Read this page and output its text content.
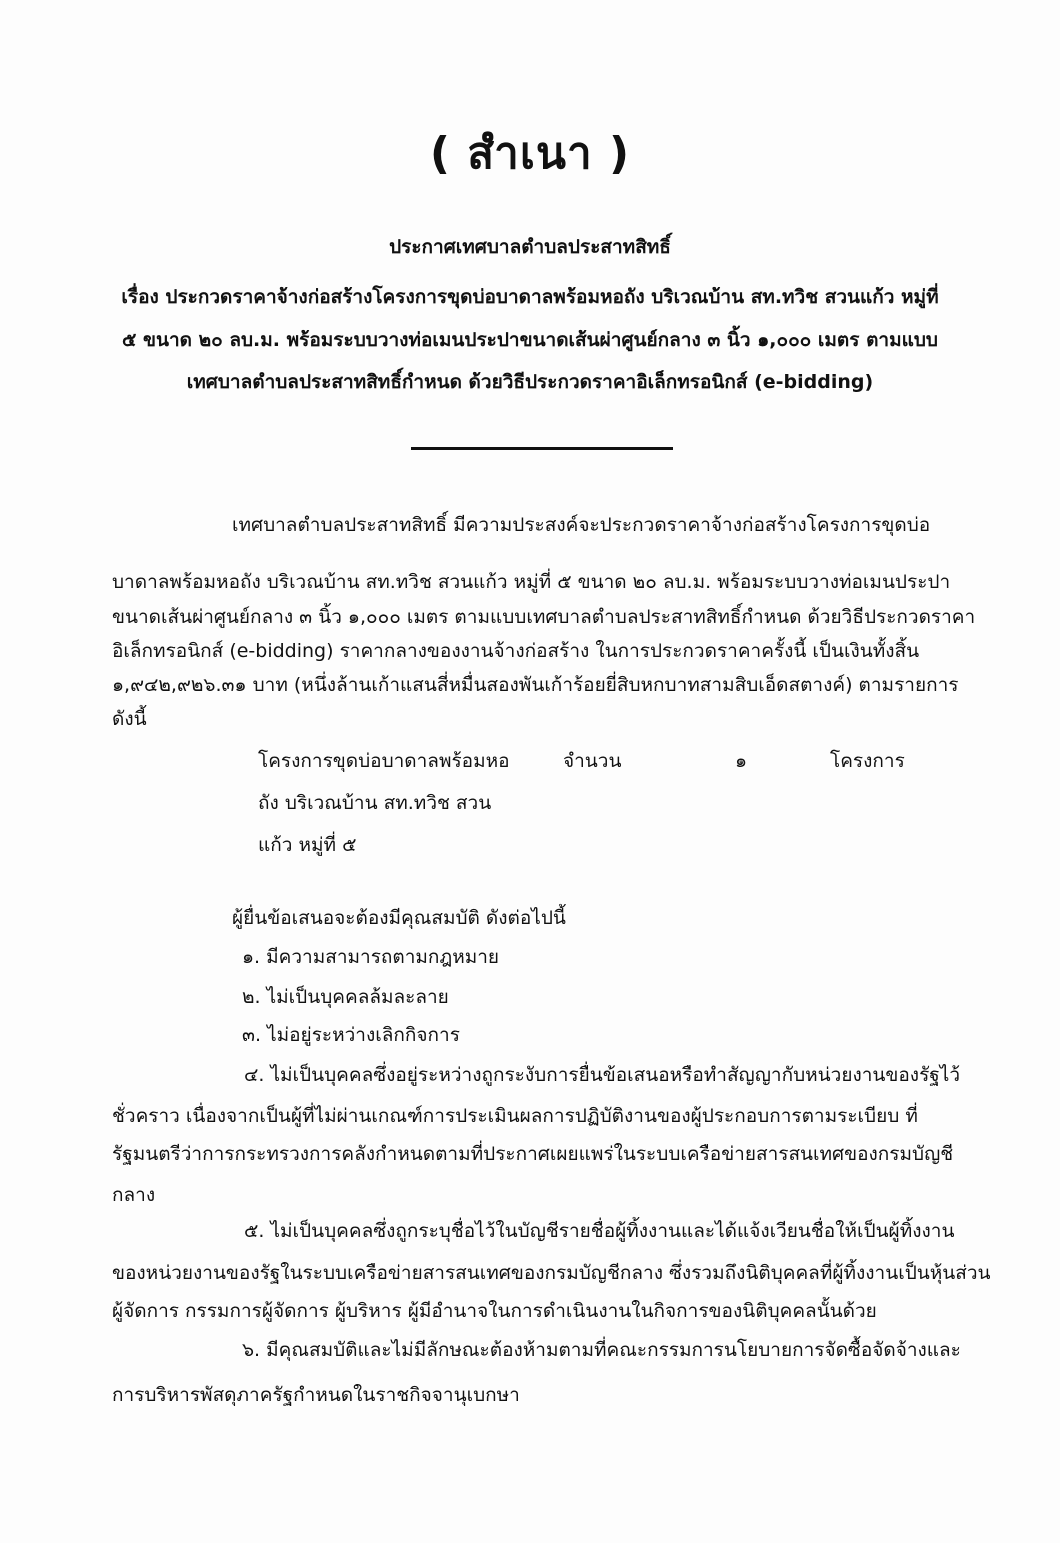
( สำเนา )
ประกาศเทศบาลตำบลประสาทสิทธิ์
เรื่อง ประกวดราคาจ้างก่อสร้างโครงการขุดบ่อบาดาลพร้อมหอถัง บริเวณบ้าน สท.ทวิช สวนแก้ว หมู่ที่
๕ ขนาด ๒๐ ลบ.ม. พร้อมระบบวางท่อเมนประปาขนาดเส้นผ่าศูนย์กลาง ๓ นิ้ว ๑,๐๐๐ เมตร ตามแบบ
เทศบาลตำบลประสาทสิทธิ์กำหนด ด้วยวิธีประกวดราคาอิเล็กทรอนิกส์ (e-bidding)
เทศบาลตำบลประสาทสิทธิ์ มีความประสงค์จะประกวดราคาจ้างก่อสร้างโครงการขุดบ่อ
บาดาลพร้อมหอถัง บริเวณบ้าน สท.ทวิช สวนแก้ว หมู่ที่ ๕ ขนาด ๒๐ ลบ.ม. พร้อมระบบวางท่อเมนประปา
ขนาดเส้นผ่าศูนย์กลาง ๓ นิ้ว ๑,๐๐๐ เมตร ตามแบบเทศบาลตำบลประสาทสิทธิ์กำหนด ด้วยวิธีประกวดราคา
อิเล็กทรอนิกส์ (e-bidding) ราคากลางของงานจ้างก่อสร้าง ในการประกวดราคาครั้งนี้ เป็นเงินทั้งสิ้น
๑,๙๔๒,๙๒๖.๓๑ บาท (หนึ่งล้านเก้าแสนสี่หมื่นสองพันเก้าร้อยยี่สิบหกบาทสามสิบเอ็ดสตางค์) ตามรายการ
ดังนี้
โครงการขุดบ่อบาดาลพร้อมหอ
ถัง บริเวณบ้าน สท.ทวิช สวน
แก้ว หมู่ที่ ๕
จำนวน	๑	โครงการ
ผู้ยื่นข้อเสนอจะต้องมีคุณสมบัติ ดังต่อไปนี้
๑. มีความสามารถตามกฎหมาย
๒. ไม่เป็นบุคคลล้มละลาย
๓. ไม่อยู่ระหว่างเลิกกิจการ
๔. ไม่เป็นบุคคลซึ่งอยู่ระหว่างถูกระงับการยื่นข้อเสนอหรือทำสัญญากับหน่วยงานของรัฐไว้
ชั่วคราว เนื่องจากเป็นผู้ที่ไม่ผ่านเกณฑ์การประเมินผลการปฏิบัติงานของผู้ประกอบการตามระเบียบ ที่
รัฐมนตรีว่าการกระทรวงการคลังกำหนดตามที่ประกาศเผยแพร่ในระบบเครือข่ายสารสนเทศของกรมบัญชี
กลาง
๕. ไม่เป็นบุคคลซึ่งถูกระบุชื่อไว้ในบัญชีรายชื่อผู้ทิ้งงานและได้แจ้งเวียนชื่อให้เป็นผู้ทิ้งงาน
ของหน่วยงานของรัฐในระบบเครือข่ายสารสนเทศของกรมบัญชีกลาง ซึ่งรวมถึงนิติบุคคลที่ผู้ทิ้งงานเป็นหุ้นส่วน
ผู้จัดการ กรรมการผู้จัดการ ผู้บริหาร ผู้มีอำนาจในการดำเนินงานในกิจการของนิติบุคคลนั้นด้วย
๖. มีคุณสมบัติและไม่มีลักษณะต้องห้ามตามที่คณะกรรมการนโยบายการจัดซื้อจัดจ้างและ
การบริหารพัสดุภาครัฐกำหนดในราชกิจจานุเบกษา
